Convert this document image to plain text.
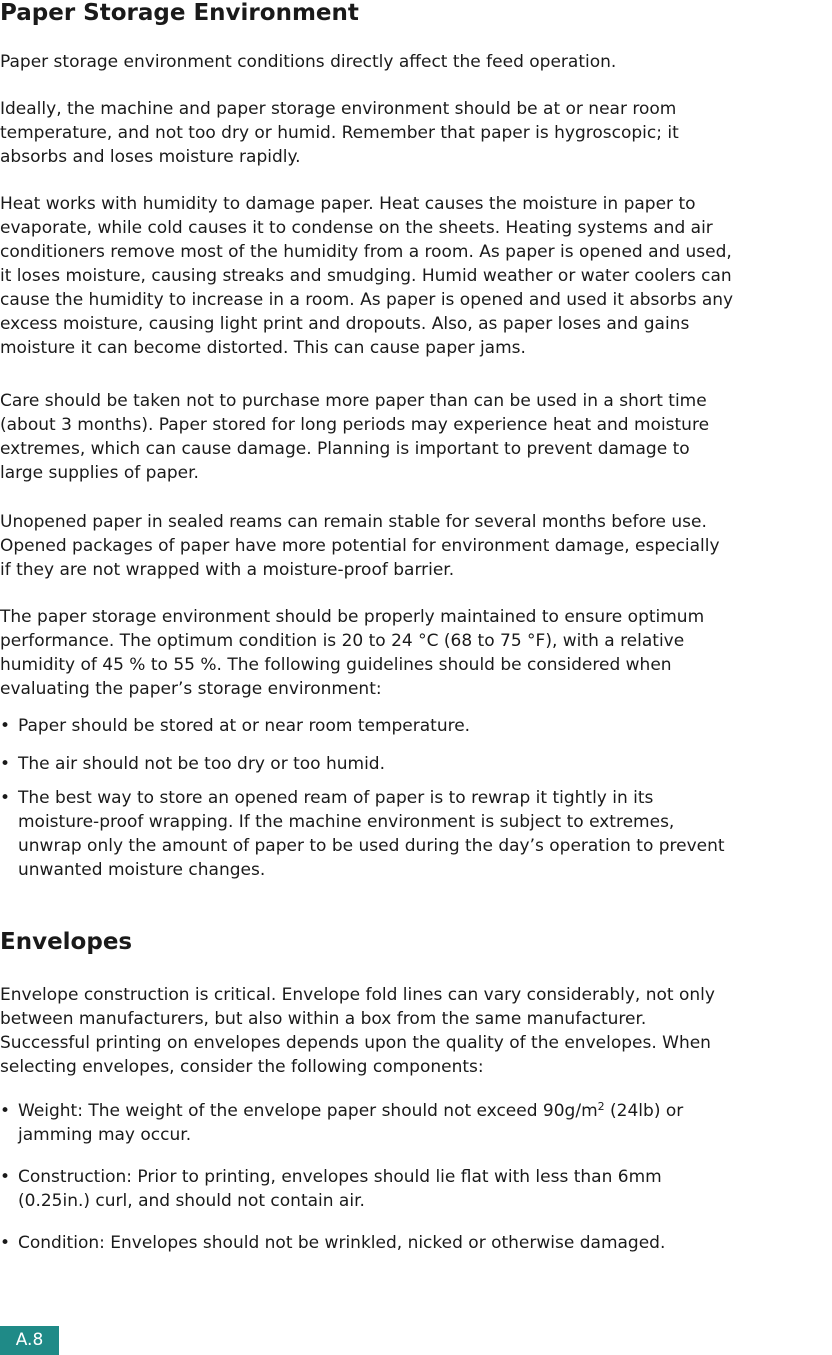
Paper Storage Environment
Paper storage environment conditions directly affect the feed operation.
Ideally, the machine and paper storage environment should be at or near room
temperature, and not too dry or humid. Remember that paper is hygroscopic; it
absorbs and loses moisture rapidly.
Heat works with humidity to damage paper. Heat causes the moisture in paper to
evaporate, while cold causes it to condense on the sheets. Heating systems and air
conditioners remove most of the humidity from a room. As paper is opened and used,
it loses moisture, causing streaks and smudging. Humid weather or water coolers can
cause the humidity to increase in a room. As paper is opened and used it absorbs any
excess moisture, causing light print and dropouts. Also, as paper loses and gains
moisture it can become distorted. This can cause paper jams.
Care should be taken not to purchase more paper than can be used in a short time
(about 3 months). Paper stored for long periods may experience heat and moisture
extremes, which can cause damage. Planning is important to prevent damage to
large supplies of paper.
Unopened paper in sealed reams can remain stable for several months before use.
Opened packages of paper have more potential for environment damage, especially
if they are not wrapped with a moisture-proof barrier.
The paper storage environment should be properly maintained to ensure optimum
performance. The optimum condition is 20 to 24 °C (68 to 75 °F), with a relative
humidity of 45 % to 55 %. The following guidelines should be considered when
evaluating the paper’s storage environment:
• Paper should be stored at or near room temperature.
• The air should not be too dry or too humid.
• The best way to store an opened ream of paper is to rewrap it tightly in its
moisture-proof wrapping. If the machine environment is subject to extremes,
unwrap only the amount of paper to be used during the day’s operation to prevent
unwanted moisture changes.
Envelopes
Envelope construction is critical. Envelope fold lines can vary considerably, not only
between manufacturers, but also within a box from the same manufacturer.
Successful printing on envelopes depends upon the quality of the envelopes. When
selecting envelopes, consider the following components:
• Weight: The weight of the envelope paper should not exceed $90g/m^2$ (24lb) or
jamming may occur.
• Construction: Prior to printing, envelopes should lie flat with less than 6mm
(0.25in.) curl, and should not contain air.
• Condition: Envelopes should not be wrinkled, nicked or otherwise damaged.
A.8
